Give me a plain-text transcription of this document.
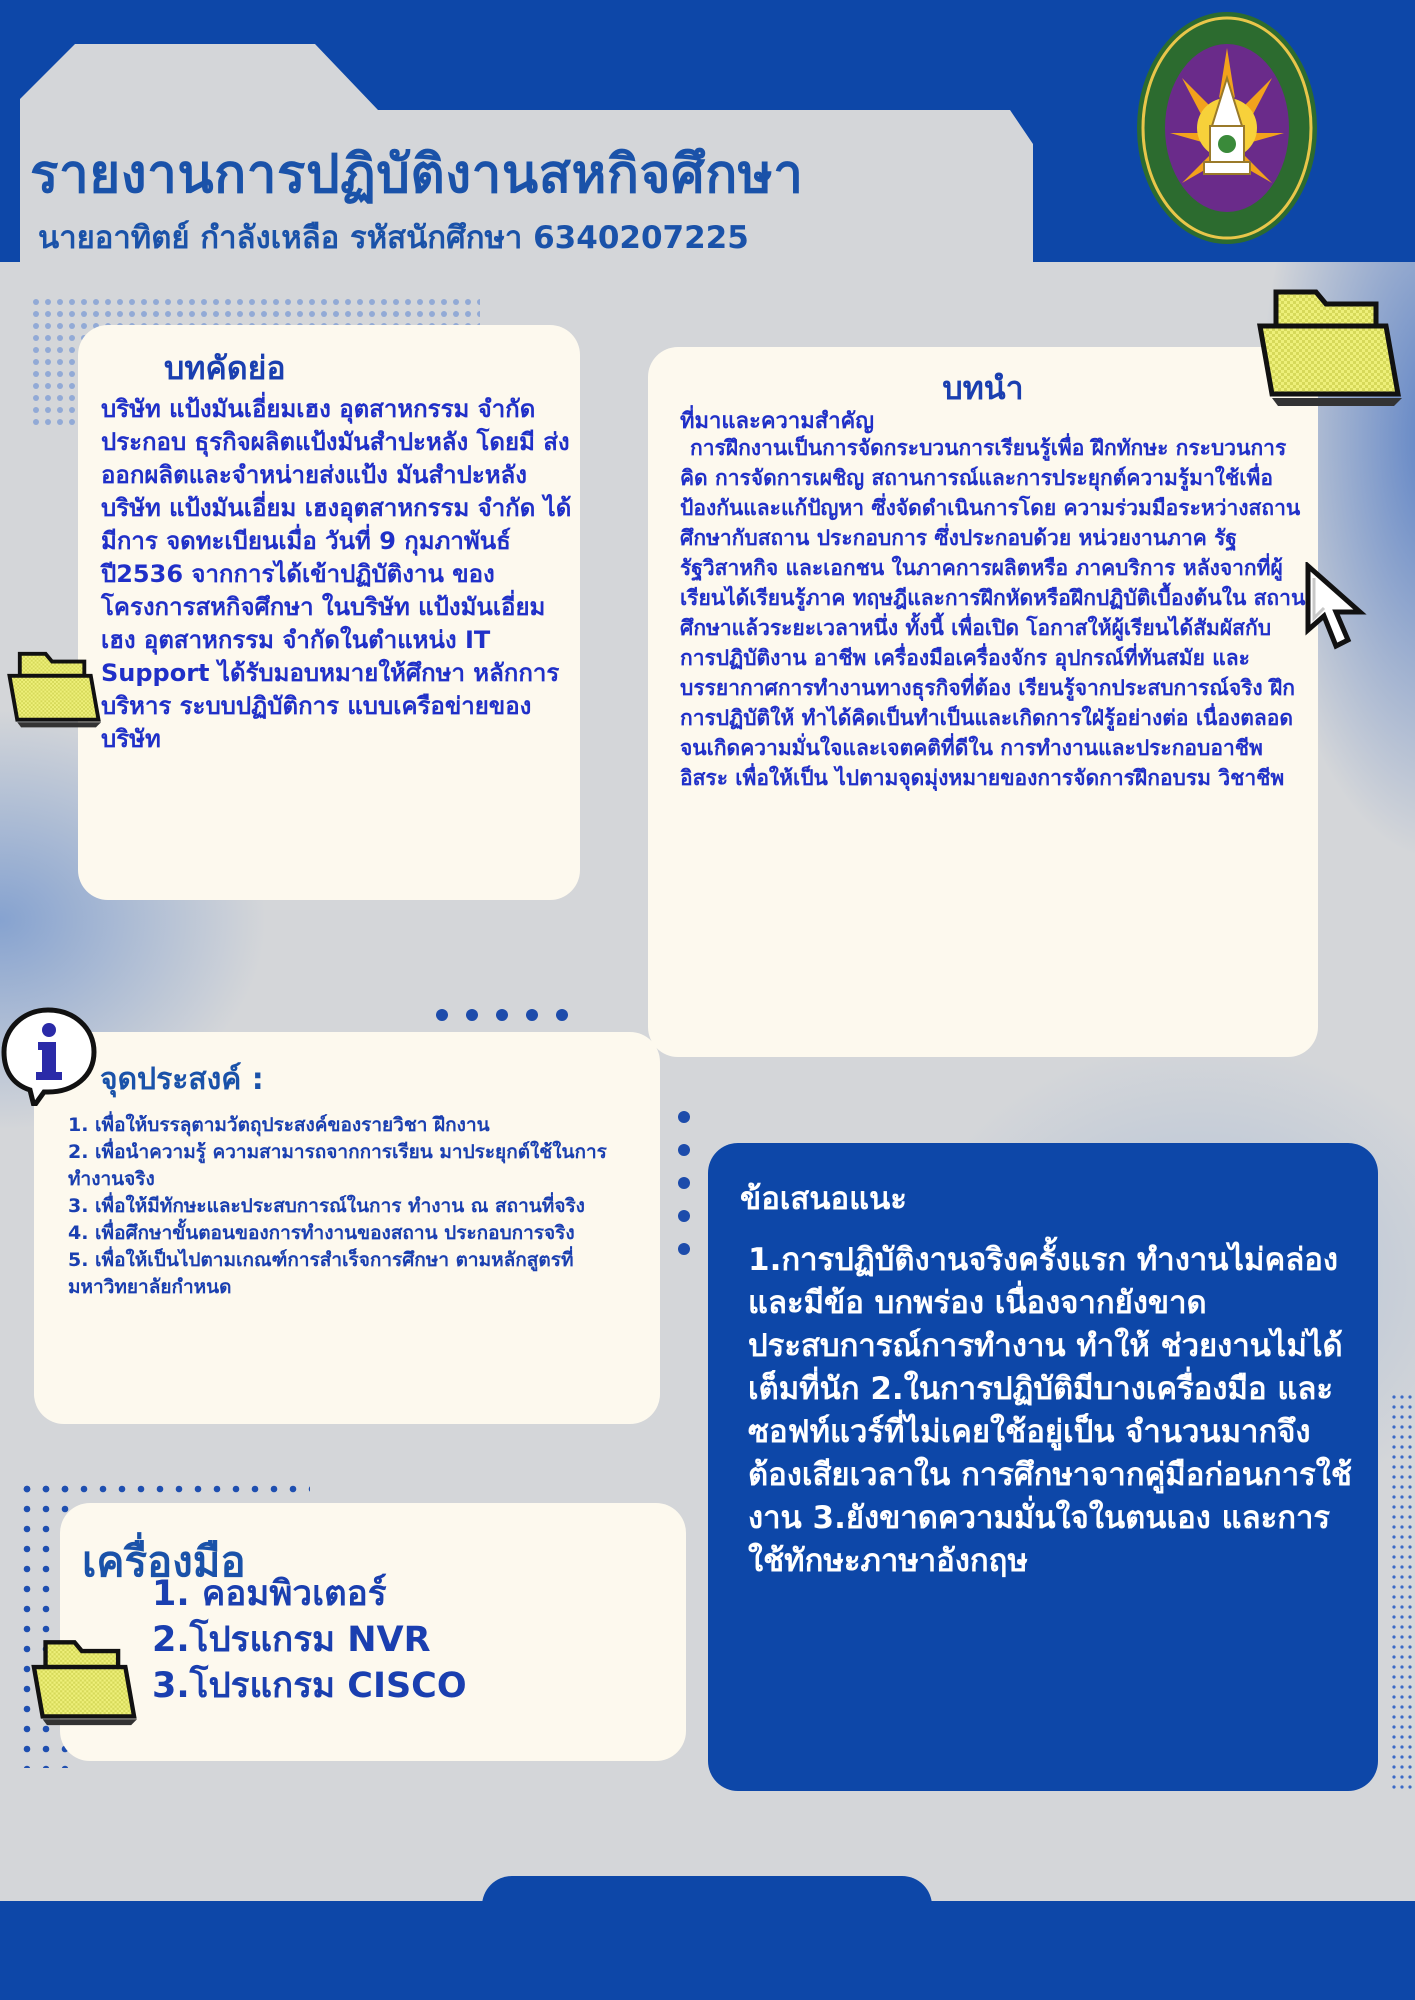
รายงานการปฏิบัติงานสหกิจศึกษา
นายอาทิตย์ กำลังเหลือ รหัสนักศึกษา 6340207225
บทคัดย่อ
บริษัท แป้งมันเอี่ยมเฮง อุตสาหกรรม จำกัด ประกอบ ธุรกิจผลิตแป้งมันสำปะหลัง โดยมี ส่งออกผลิตและจำหน่ายส่งแป้ง มันสำปะหลัง บริษัท แป้งมันเอี่ยม เฮงอุตสาหกรรม จำกัด ได้มีการ จดทะเบียนเมื่อ วันที่ 9 กุมภาพันธ์ ปี2536 จากการได้เข้าปฏิบัติงาน ของโครงการสหกิจศึกษา ในบริษัท แป้งมันเอี่ยมเฮง อุตสาหกรรม จำกัดในตำแหน่ง IT Support ได้รับมอบหมายให้ศึกษา หลักการบริหาร ระบบปฏิบัติการ แบบเครือข่ายของบริษัท
บทนำ
ที่มาและความสำคัญ
การฝึกงานเป็นการจัดกระบวนการเรียนรู้เพื่อ ฝึกทักษะ กระบวนการคิด การจัดการเผชิญ สถานการณ์และการประยุกต์ความรู้มาใช้เพื่อ ป้องกันและแก้ปัญหา ซึ่งจัดดำเนินการโดย ความร่วมมือระหว่างสถานศึกษากับสถาน ประกอบการ ซึ่งประกอบด้วย หน่วยงานภาค รัฐ รัฐวิสาหกิจ และเอกชน ในภาคการผลิตหรือ ภาคบริการ หลังจากที่ผู้เรียนได้เรียนรู้ภาค ทฤษฎีและการฝึกหัดหรือฝึกปฏิบัติเบื้องต้นใน สถานศึกษาแล้วระยะเวลาหนึ่ง ทั้งนี้ เพื่อเปิด โอกาสให้ผู้เรียนได้สัมผัสกับการปฏิบัติงาน อาชีพ เครื่องมือเครื่องจักร อุปกรณ์ที่ทันสมัย และบรรยากาศการทำงานทางธุรกิจที่ต้อง เรียนรู้จากประสบการณ์จริง ฝึกการปฏิบัติให้ ทำได้คิดเป็นทำเป็นและเกิดการใฝ่รู้อย่างต่อ เนื่องตลอดจนเกิดความมั่นใจและเจตคติที่ดีใน การทำงานและประกอบอาชีพอิสระ เพื่อให้เป็น ไปตามจุดมุ่งหมายของการจัดการฝึกอบรม วิชาชีพ
จุดประสงค์ :
1. เพื่อให้บรรลุตามวัตถุประสงค์ของรายวิชา ฝึกงาน
2. เพื่อนำความรู้ ความสามารถจากการเรียน มาประยุกต์ใช้ในการทำงานจริง
3. เพื่อให้มีทักษะและประสบการณ์ในการ ทำงาน ณ สถานที่จริง
4. เพื่อศึกษาขั้นตอนของการทำงานของสถาน ประกอบการจริง
5. เพื่อให้เป็นไปตามเกณฑ์การสำเร็จการศึกษา ตามหลักสูตรที่มหาวิทยาลัยกำหนด
ข้อเสนอแนะ
1.การปฏิบัติงานจริงครั้งแรก ทำงานไม่คล่อง และมีข้อ บกพร่อง เนื่องจากยังขาด ประสบการณ์การทำงาน ทำให้ ช่วยงานไม่ได้เต็มที่นัก 2.ในการปฏิบัติมีบางเครื่องมือ และซอฟท์แวร์ที่ไม่เคยใช้อยู่เป็น จำนวนมากจึงต้องเสียเวลาใน การศึกษาจากคู่มือก่อนการใช้ งาน 3.ยังขาดความมั่นใจในตนเอง และการใช้ทักษะภาษาอังกฤษ
เครื่องมือ
1. คอมพิวเตอร์
2.โปรแกรม NVR
3.โปรแกรม CISCO
